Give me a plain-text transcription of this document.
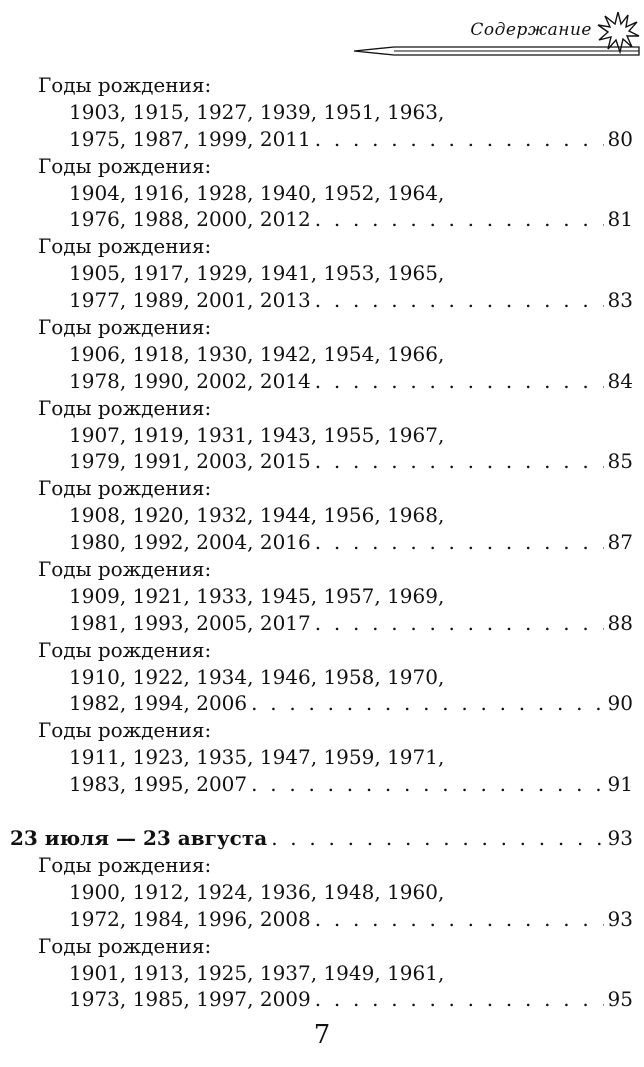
Содержание
Годы рождения:
1903, 1915, 1927, 1939, 1951, 1963,
1975, 1987, 1999, 2011 . . .	80
Годы рождения:
1904, 1916, 1928, 1940, 1952, 1964,
1976, 1988, 2000, 2012 . . .	81
Годы рождения:
1905, 1917, 1929, 1941, 1953, 1965,
1977, 1989, 2001, 2013 . . .	83
Годы рождения:
1906, 1918, 1930, 1942, 1954, 1966,
1978, 1990, 2002, 2014 . . .	84
Годы рождения:
1907, 1919, 1931, 1943, 1955, 1967,
1979, 1991, 2003, 2015 . . .	85
Годы рождения:
1908, 1920, 1932, 1944, 1956, 1968,
1980, 1992, 2004, 2016 . . .	87
Годы рождения:
1909, 1921, 1933, 1945, 1957, 1969,
1981, 1993, 2005, 2017 . . .	88
Годы рождения:
1910, 1922, 1934, 1946, 1958, 1970,
1982, 1994, 2006 . . .	90
Годы рождения:
1911, 1923, 1935, 1947, 1959, 1971,
1983, 1995, 2007 . . .	91
23 июля — 23 августа . . .	93
Годы рождения:
1900, 1912, 1924, 1936, 1948, 1960,
1972, 1984, 1996, 2008 . . .	93
Годы рождения:
1901, 1913, 1925, 1937, 1949, 1961,
1973, 1985, 1997, 2009 . . .	95
7
